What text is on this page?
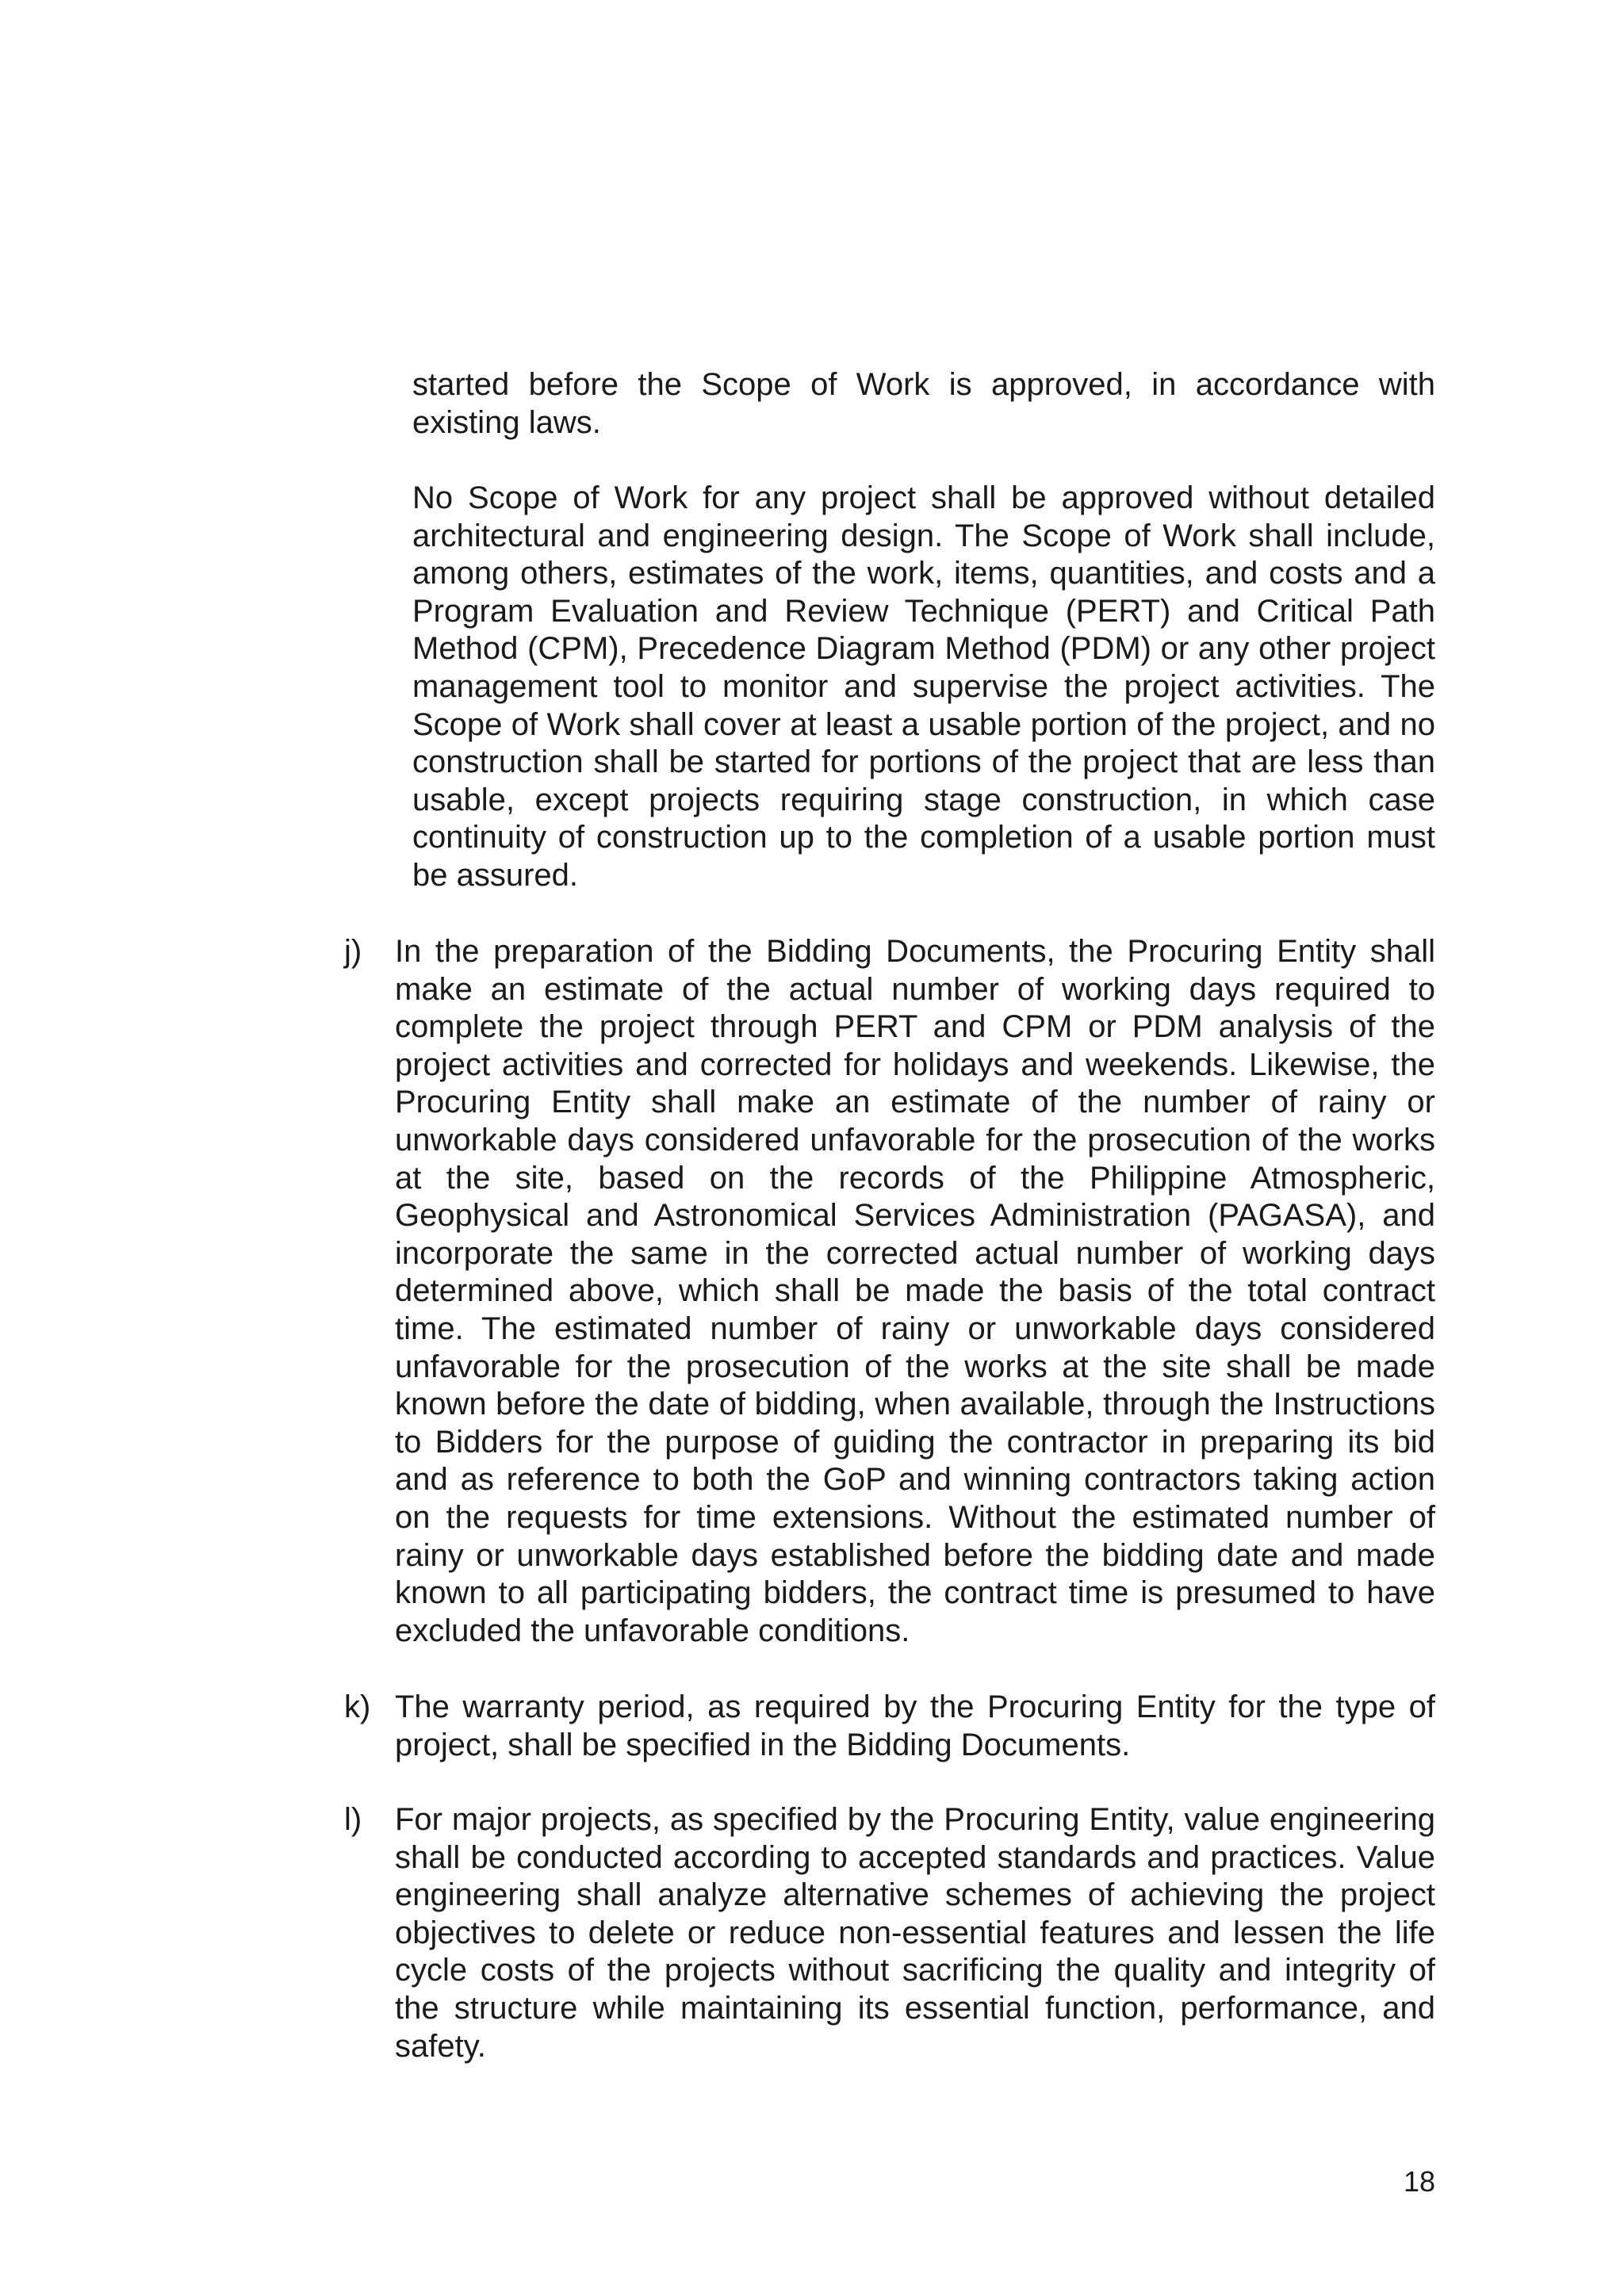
started before the Scope of Work is approved, in accordance with existing laws.

No Scope of Work for any project shall be approved without detailed architectural and engineering design. The Scope of Work shall include, among others, estimates of the work, items, quantities, and costs and a Program Evaluation and Review Technique (PERT) and Critical Path Method (CPM), Precedence Diagram Method (PDM) or any other project management tool to monitor and supervise the project activities. The Scope of Work shall cover at least a usable portion of the project, and no construction shall be started for portions of the project that are less than usable, except projects requiring stage construction, in which case continuity of construction up to the completion of a usable portion must be assured.

j) In the preparation of the Bidding Documents, the Procuring Entity shall make an estimate of the actual number of working days required to complete the project through PERT and CPM or PDM analysis of the project activities and corrected for holidays and weekends. Likewise, the Procuring Entity shall make an estimate of the number of rainy or unworkable days considered unfavorable for the prosecution of the works at the site, based on the records of the Philippine Atmospheric, Geophysical and Astronomical Services Administration (PAGASA), and incorporate the same in the corrected actual number of working days determined above, which shall be made the basis of the total contract time. The estimated number of rainy or unworkable days considered unfavorable for the prosecution of the works at the site shall be made known before the date of bidding, when available, through the Instructions to Bidders for the purpose of guiding the contractor in preparing its bid and as reference to both the GoP and winning contractors taking action on the requests for time extensions. Without the estimated number of rainy or unworkable days established before the bidding date and made known to all participating bidders, the contract time is presumed to have excluded the unfavorable conditions.

k) The warranty period, as required by the Procuring Entity for the type of project, shall be specified in the Bidding Documents.

l) For major projects, as specified by the Procuring Entity, value engineering shall be conducted according to accepted standards and practices. Value engineering shall analyze alternative schemes of achieving the project objectives to delete or reduce non-essential features and lessen the life cycle costs of the projects without sacrificing the quality and integrity of the structure while maintaining its essential function, performance, and safety.

18
